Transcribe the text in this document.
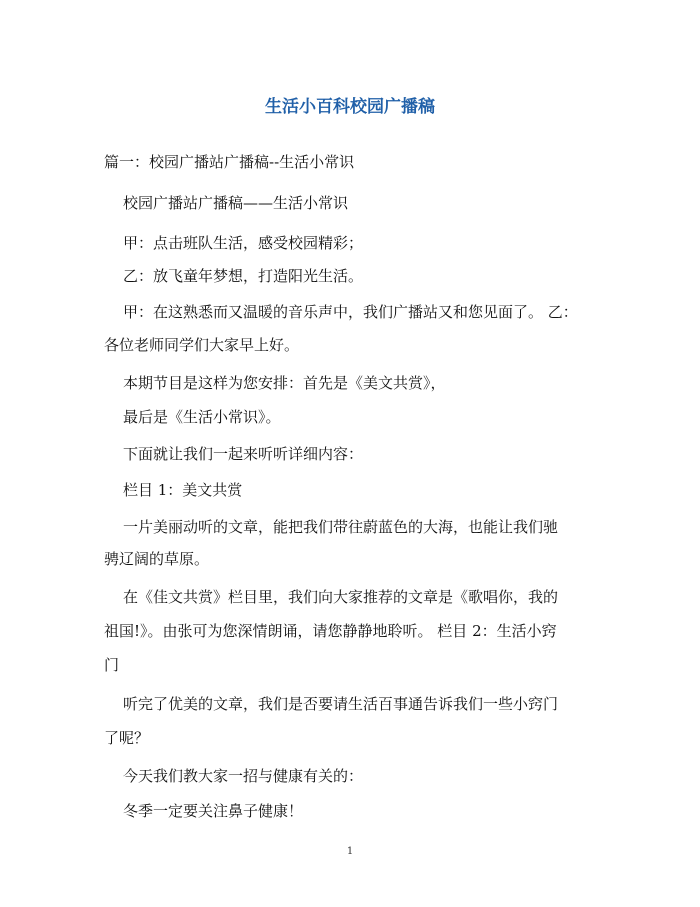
生活小百科校园广播稿
篇一：校园广播站广播稿--生活小常识
校园广播站广播稿——生活小常识
甲：点击班队生活，感受校园精彩；
乙：放飞童年梦想，打造阳光生活。
甲：在这熟悉而又温暖的音乐声中，我们广播站又和您见面了。 乙：
各位老师同学们大家早上好。
本期节目是这样为您安排：首先是《美文共赏》，
最后是《生活小常识》。
下面就让我们一起来听听详细内容：
栏目 1：美文共赏
一片美丽动听的文章，能把我们带往蔚蓝色的大海，也能让我们驰
骋辽阔的草原。
在《佳文共赏》栏目里，我们向大家推荐的文章是《歌唱你，我的
祖国!》。由张可为您深情朗诵，请您静静地聆听。 栏目 2：生活小窍
门
听完了优美的文章，我们是否要请生活百事通告诉我们一些小窍门
了呢？
今天我们教大家一招与健康有关的：
冬季一定要关注鼻子健康！
1
